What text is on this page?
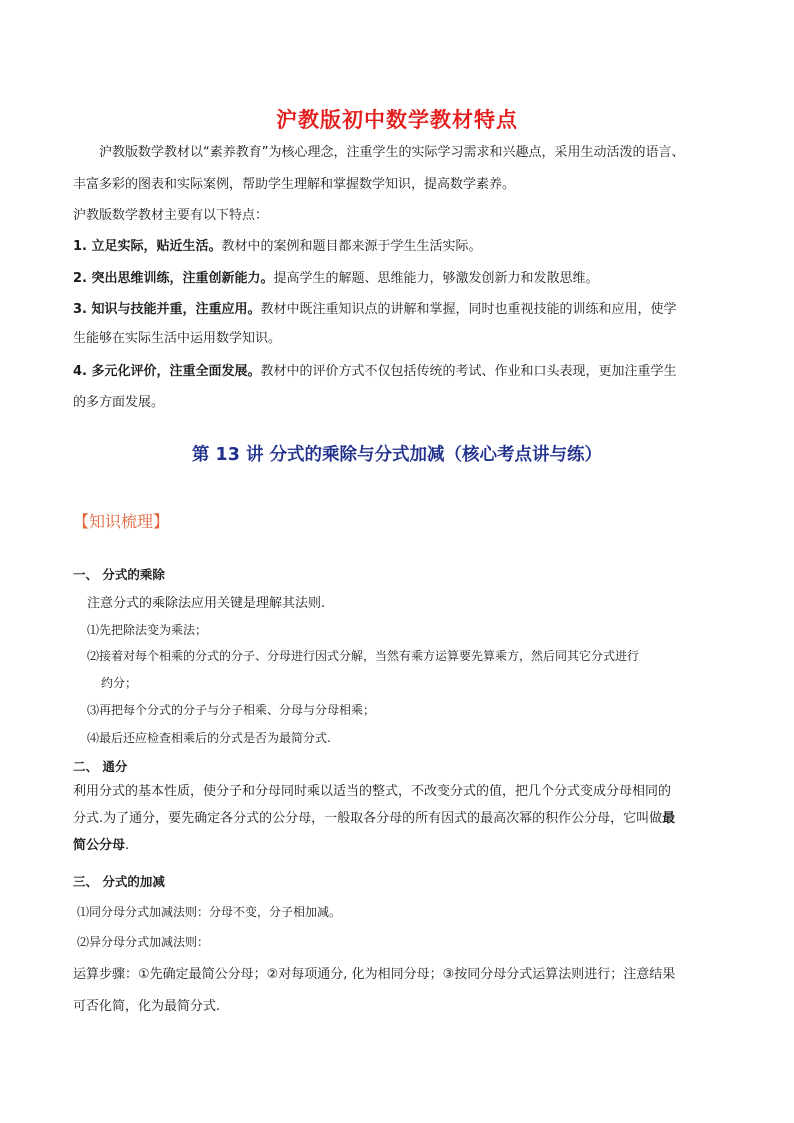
沪教版初中数学教材特点
沪教版数学教材以“素养教育”为核心理念，注重学生的实际学习需求和兴趣点，采用生动活泼的语言、
丰富多彩的图表和实际案例，帮助学生理解和掌握数学知识，提高数学素养。
沪教版数学教材主要有以下特点：
1. 立足实际，贴近生活。教材中的案例和题目都来源于学生生活实际。
2. 突出思维训练，注重创新能力。提高学生的解题、思维能力，够激发创新力和发散思维。
3. 知识与技能并重，注重应用。教材中既注重知识点的讲解和掌握，同时也重视技能的训练和应用，使学
生能够在实际生活中运用数学知识。
4. 多元化评价，注重全面发展。教材中的评价方式不仅包括传统的考试、作业和口头表现，更加注重学生
的多方面发展。
第 13 讲 分式的乘除与分式加减（核心考点讲与练）
【知识梳理】
一、 分式的乘除
注意分式的乘除法应用关键是理解其法则.
⑴先把除法变为乘法；
⑵接着对每个相乘的分式的分子、分母进行因式分解，当然有乘方运算要先算乘方，然后同其它分式进行
约分；
⑶再把每个分式的分子与分子相乘、分母与分母相乘；
⑷最后还应检查相乘后的分式是否为最简分式.
二、 通分
利用分式的基本性质，使分子和分母同时乘以适当的整式，不改变分式的值，把几个分式变成分母相同的
分式.为了通分，要先确定各分式的公分母，一般取各分母的所有因式的最高次幂的积作公分母，它叫做最
简公分母.
三、 分式的加减
⑴同分母分式加减法则：分母不变，分子相加减。
⑵异分母分式加减法则：
运算步骤：①先确定最简公分母；②对每项通分, 化为相同分母；③按同分母分式运算法则进行；注意结果
可否化简，化为最简分式.
